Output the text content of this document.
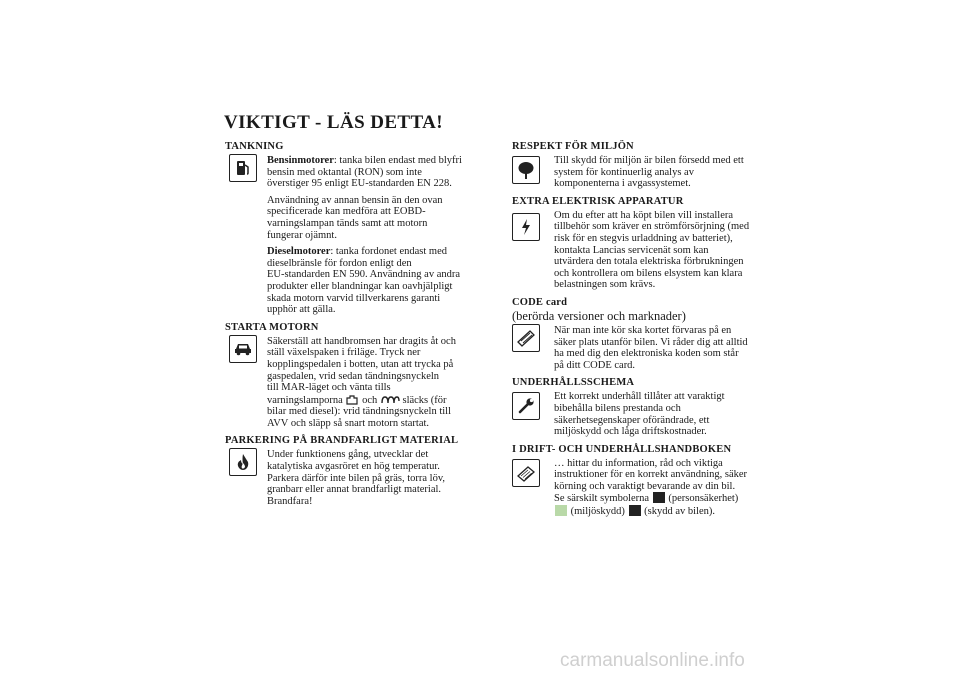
VIKTIGT - LÄS DETTA!
TANKNING

Bensinmotorer: tanka bilen endast med blyfri
bensin med oktantal (RON) som inte
överstiger 95 enligt EU-standarden EN 228.

Användning av annan bensin än den ovan
specificerade kan medföra att EOBD-
varningslampan tänds samt att motorn
fungerar ojämnt.

Dieselmotorer: tanka fordonet endast med
dieselbränsle för fordon enligt den
EU-standarden EN 590. Användning av andra
produkter eller blandningar kan oavhjälpligt
skada motorn varvid tillverkarens garanti
upphör att gälla.

STARTA MOTORN

Säkerställ att handbromsen har dragits åt och
ställ växelspaken i friläge. Tryck ner
kopplingspedalen i botten, utan att trycka på
gaspedalen, vrid sedan tändningsnyckeln
till MAR-läget och vänta tills
varningslamporna och släcks (för
bilar med diesel): vrid tändningsnyckeln till
AVV och släpp så snart motorn startat.

PARKERING PÅ BRANDFARLIGT MATERIAL

Under funktionens gång, utvecklar det
katalytiska avgasröret en hög temperatur.
Parkera därför inte bilen på gräs, torra löv,
granbarr eller annat brandfarligt material.
Brandfara!

RESPEKT FÖR MILJÖN

Till skydd för miljön är bilen försedd med ett
system för kontinuerlig analys av
komponenterna i avgassystemet.

EXTRA ELEKTRISK APPARATUR

Om du efter att ha köpt bilen vill installera
tillbehör som kräver en strömförsörjning (med
risk för en stegvis urladdning av batteriet),
kontakta Lancias servicenät som kan
utvärdera den totala elektriska förbrukningen
och kontrollera om bilens elsystem kan klara
belastningen som krävs.

CODE card
(berörda versioner och marknader)

När man inte kör ska kortet förvaras på en
säker plats utanför bilen. Vi råder dig att alltid
ha med dig den elektroniska koden som står
på ditt CODE card.

UNDERHÅLLSSCHEMA

Ett korrekt underhåll tillåter att varaktigt
bibehålla bilens prestanda och
säkerhetsegenskaper oförändrade, ett
miljöskydd och låga driftskostnader.

I DRIFT- OCH UNDERHÅLLSHANDBOKEN

… hittar du information, råd och viktiga
instruktioner för en korrekt användning, säker
körning och varaktigt bevarande av din bil.
Se särskilt symbolerna (personsäkerhet)
(miljöskydd) (skydd av bilen).

carmanualsonline.info
